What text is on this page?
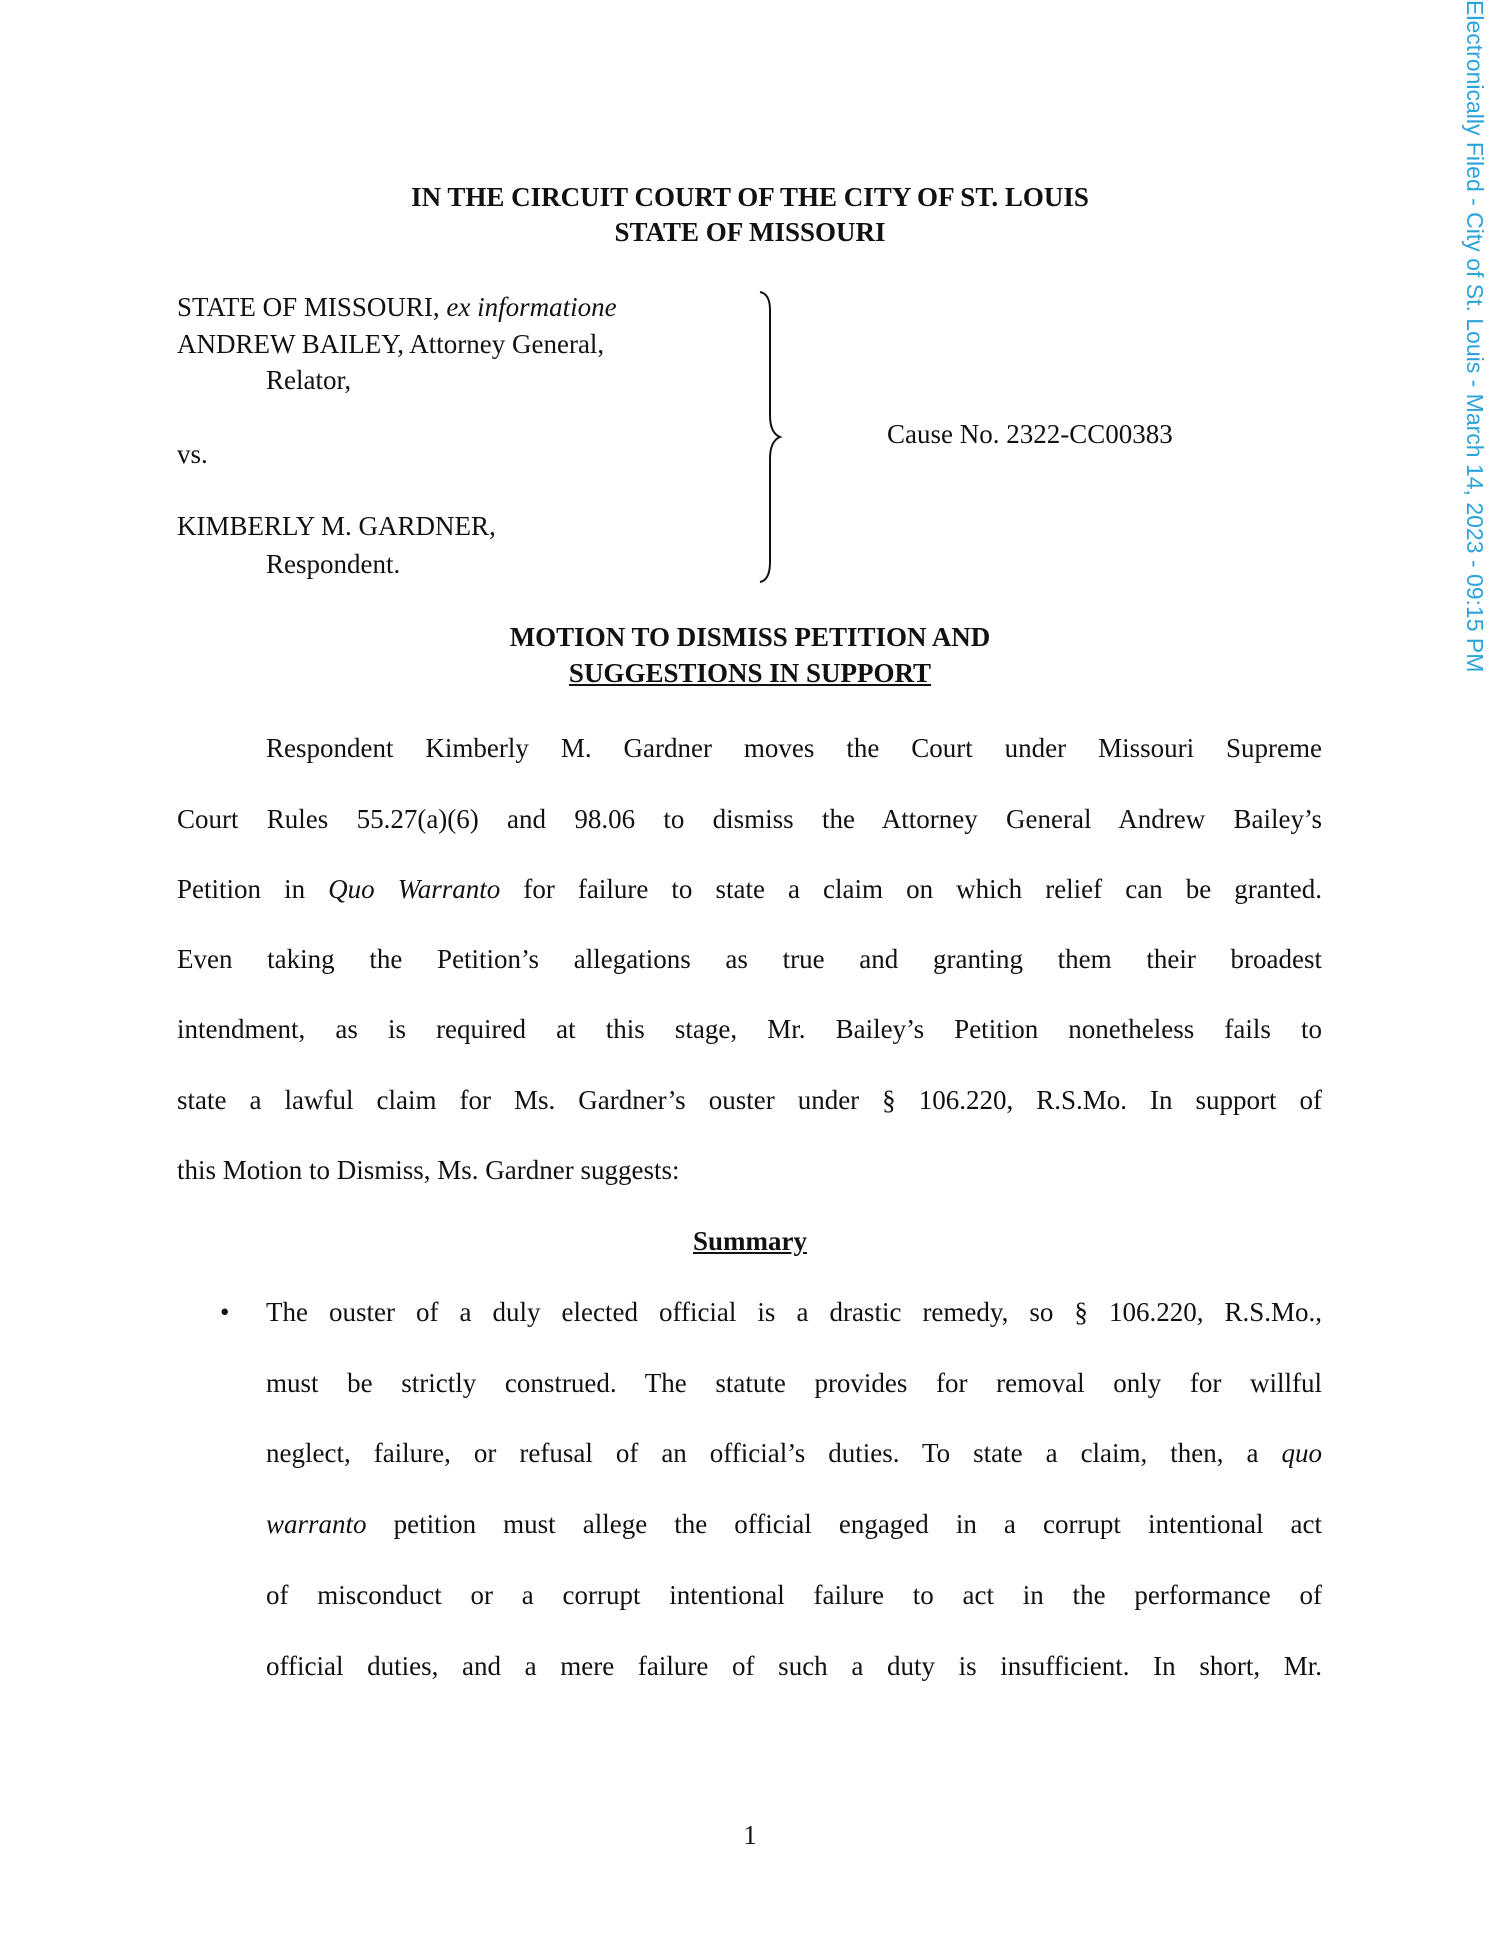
IN THE CIRCUIT COURT OF THE CITY OF ST. LOUIS
STATE OF MISSOURI
STATE OF MISSOURI, ex informatione
ANDREW BAILEY, Attorney General,
Relator,
vs.
KIMBERLY M. GARDNER,
Respondent.
Cause No. 2322-CC00383
MOTION TO DISMISS PETITION AND
SUGGESTIONS IN SUPPORT
Respondent Kimberly M. Gardner moves the Court under Missouri Supreme
Court Rules 55.27(a)(6) and 98.06 to dismiss the Attorney General Andrew Bailey’s
Petition in Quo Warranto for failure to state a claim on which relief can be granted.
Even taking the Petition’s allegations as true and granting them their broadest
intendment, as is required at this stage, Mr. Bailey’s Petition nonetheless fails to
state a lawful claim for Ms. Gardner’s ouster under § 106.220, R.S.Mo. In support of
this Motion to Dismiss, Ms. Gardner suggests:
Summary
• The ouster of a duly elected official is a drastic remedy, so § 106.220, R.S.Mo.,
must be strictly construed. The statute provides for removal only for willful
neglect, failure, or refusal of an official’s duties. To state a claim, then, a quo
warranto petition must allege the official engaged in a corrupt intentional act
of misconduct or a corrupt intentional failure to act in the performance of
official duties, and a mere failure of such a duty is insufficient. In short, Mr.
1
Electronically Filed - City of St. Louis - March 14, 2023 - 09:15 PM
